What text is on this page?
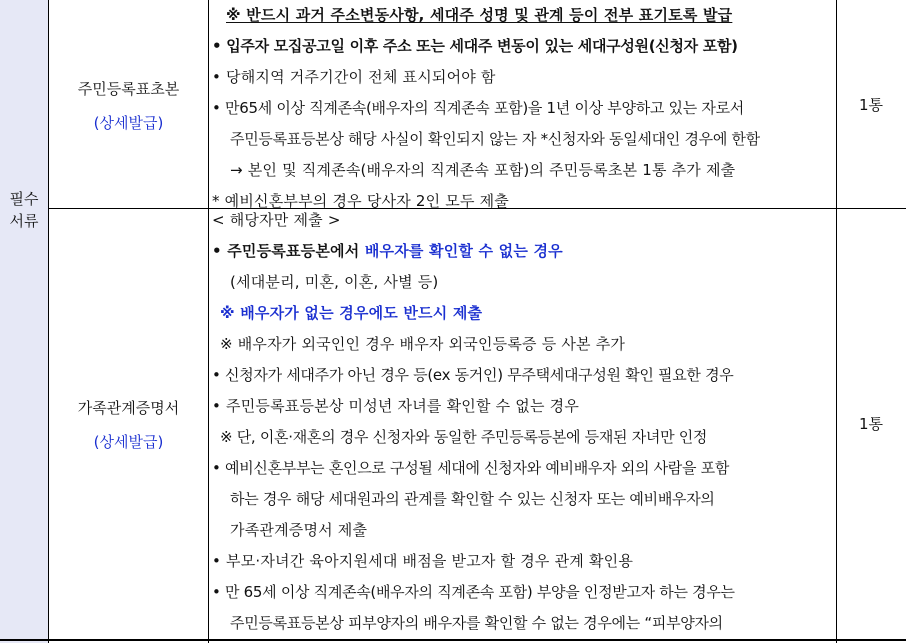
필수
서류
주민등록표초본
(상세발급)
1통
※ 반드시 과거 주소변동사항, 세대주 성명 및 관계 등이 전부 표기토록 발급
• 입주자 모집공고일 이후 주소 또는 세대주 변동이 있는 세대구성원(신청자 포함)
• 당해지역 거주기간이 전체 표시되어야 함
• 만65세 이상 직계존속(배우자의 직계존속 포함)을 1년 이상 부양하고 있는 자로서
주민등록표등본상 해당 사실이 확인되지 않는 자 *신청자와 동일세대인 경우에 한함
→ 본인 및 직계존속(배우자의 직계존속 포함)의 주민등록초본 1통 추가 제출
* 예비신혼부부의 경우 당사자 2인 모두 제출
가족관계증명서
(상세발급)
1통
< 해당자만 제출 >
• 주민등록표등본에서 배우자를 확인할 수 없는 경우
(세대분리, 미혼, 이혼, 사별 등)
※ 배우자가 없는 경우에도 반드시 제출
※ 배우자가 외국인인 경우 배우자 외국인등록증 등 사본 추가
• 신청자가 세대주가 아닌 경우 등(ex 동거인) 무주택세대구성원 확인 필요한 경우
• 주민등록표등본상 미성년 자녀를 확인할 수 없는 경우
※ 단, 이혼·재혼의 경우 신청자와 동일한 주민등록등본에 등재된 자녀만 인정
• 예비신혼부부는 혼인으로 구성될 세대에 신청자와 예비배우자 외의 사람을 포함
하는 경우 해당 세대원과의 관계를 확인할 수 있는 신청자 또는 예비배우자의
가족관계증명서 제출
• 부모·자녀간 육아지원세대 배점을 받고자 할 경우 관계 확인용
• 만 65세 이상 직계존속(배우자의 직계존속 포함) 부양을 인정받고자 하는 경우는
주민등록표등본상 피부양자의 배우자를 확인할 수 없는 경우에는 “피부양자의
